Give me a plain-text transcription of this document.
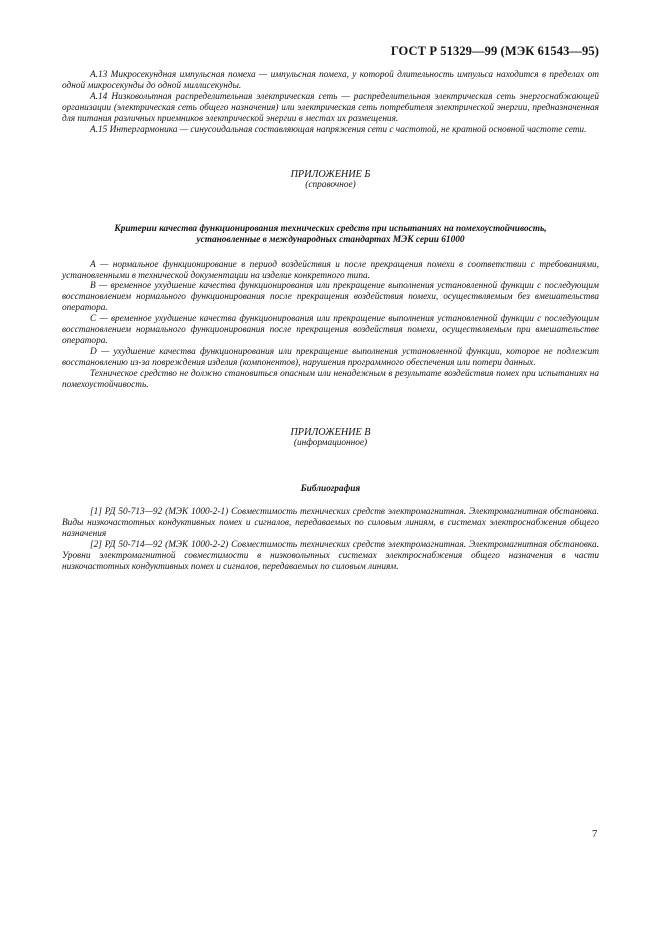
ГОСТ Р 51329—99 (МЭК 61543—95)

А.13 Микросекундная импульсная помеха — импульсная помеха, у которой длительность импульса находится в пределах от одной микросекунды до одной миллисекунды.

А.14 Низковольтная распределительная электрическая сеть — распределительная электрическая сеть энергоснабжающей организации (электрическая сеть общего назначения) или электрическая сеть потребителя электрической энергии, предназначенная для питания различных приемников электрической энергии в местах их размещения.

А.15 Интергармоника — синусоидальная составляющая напряжения сети с частотой, не кратной основной частоте сети.

ПРИЛОЖЕНИЕ Б
(справочное)
Критерии качества функционирования технических средств при испытаниях на помехоустойчивость,
установленные в международных стандартах МЭК серии 61000

А — нормальное функционирование в период воздействия и после прекращения помехи в соответствии с требованиями, установленными в технической документации на изделие конкретного типа.

В — временное ухудшение качества функционирования или прекращение выполнения установленной функции с последующим восстановлением нормального функционирования после прекращения воздействия помехи, осуществляемым без вмешательства оператора.

С — временное ухудшение качества функционирования или прекращение выполнения установленной функции с последующим восстановлением нормального функционирования после прекращения воздействия помехи, осуществляемым при вмешательстве оператора.

D — ухудшение качества функционирования или прекращение выполнения установленной функции, которое не подлежит восстановлению из-за повреждения изделия (компонентов), нарушения программного обеспечения или потери данных.

Техническое средство не должно становиться опасным или ненадежным в результате воздействия помех при испытаниях на помехоустойчивость.

ПРИЛОЖЕНИЕ В
(информационное)
Библиография

[1] РД 50-713—92 (МЭК 1000-2-1) Совместимость технических средств электромагнитная. Электромагнитная обстановка. Виды низкочастотных кондуктивных помех и сигналов, передаваемых по силовым линиям, в системах электроснабжения общего назначения

[2] РД 50-714—92 (МЭК 1000-2-2) Совместимость технических средств электромагнитная. Электромагнитная обстановка. Уровни электромагнитной совместимости в низковольтных системах электроснабжения общего назначения в части низкочастотных кондуктивных помех и сигналов, передаваемых по силовым линиям.

7
